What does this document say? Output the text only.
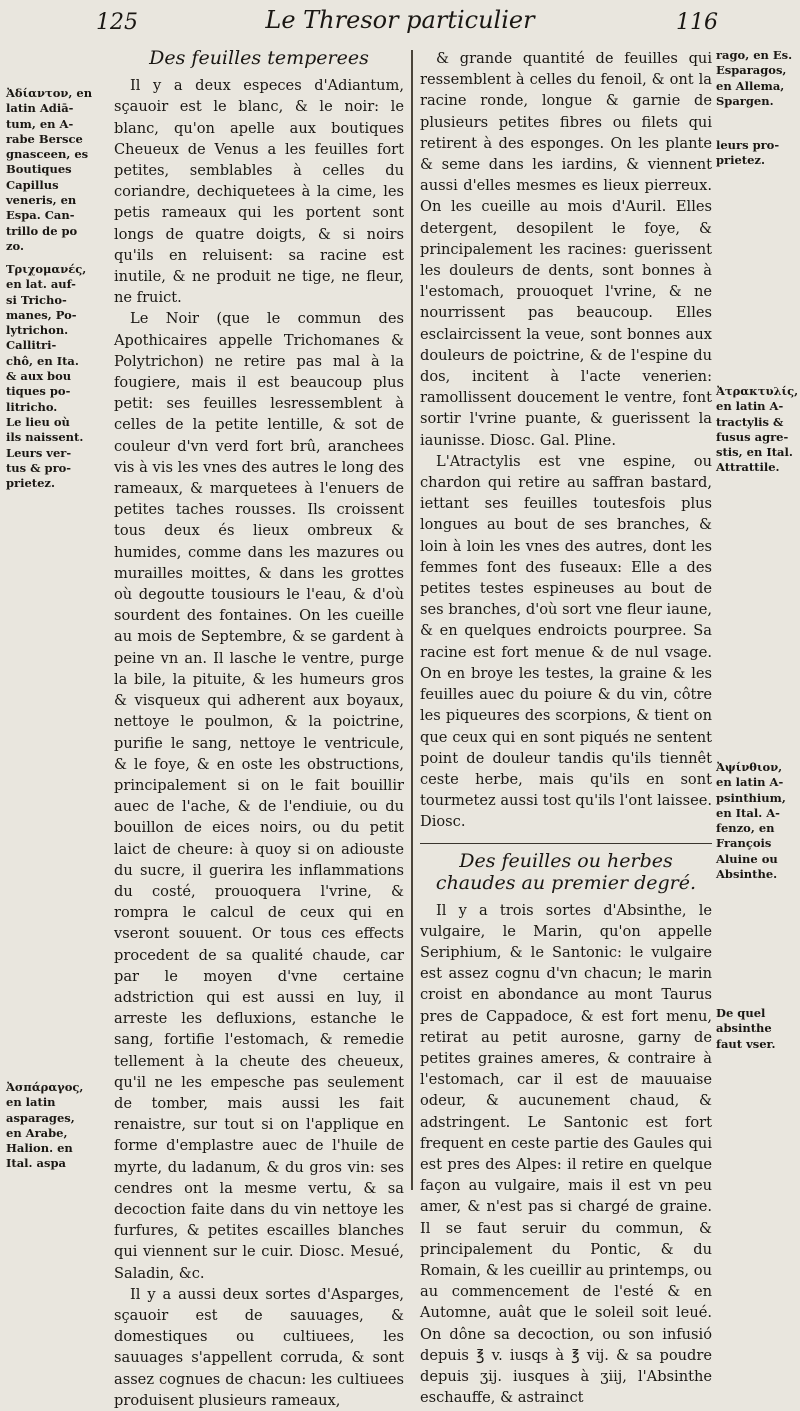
125	Le Thresor particulier	116
Ἀδίαντον, en
latin Adiā-
tum, en A-
rabe Bersce
gnasceen, es
Boutiques
Capillus
veneris, en
Espa. Can-
trillo de po
zo.
Τριχομανές,
en lat. auf-
si Tricho-
manes, Po-
lytrichon.
Callitri-
chô, en Ita.
& aux bou
tiques po-
litricho.
Le lieu où
ils naissent.
Leurs ver-
tus & pro-
prietez.
Ἀσπάραγος,
en latin
asparages,
en Arabe,
Halion. en
Ital. aspa
Des feuilles temperees

Il y a deux especes d'Adiantum, sçauoir est le blanc, & le noir: le blanc, qu'on apelle aux boutiques Cheueux de Venus a les feuilles fort petites, semblables à celles du coriandre, dechiquetees à la cime, les petis rameaux qui les portent sont longs de quatre doigts, & si noirs qu'ils en reluisent: sa racine est inutile, & ne produit ne tige, ne fleur, ne fruict.

Le Noir (que le commun des Apothicaires appelle Trichomanes & Polytrichon) ne retire pas mal à la fougiere, mais il est beaucoup plus petit: ses feuilles lesressemblent à celles de la petite lentille, & sot de couleur d'vn verd fort brû, aranchees vis à vis les vnes des autres le long des rameaux, & marquetees à l'enuers de petites taches rousses. Ils croissent tous deux és lieux ombreux & humides, comme dans les mazures ou murailles moittes, & dans les grottes où degoutte tousiours le l'eau, & d'où sourdent des fontaines. On les cueille au mois de Septembre, & se gardent à peine vn an. Il lasche le ventre, purge la bile, la pituite, & les humeurs gros & visqueux qui adherent aux boyaux, nettoye le poulmon, & la poictrine, purifie le sang, nettoye le ventricule, & le foye, & en oste les obstructions, principalement si on le fait bouillir auec de l'ache, & de l'endiuie, ou du bouillon de eices noirs, ou du petit laict de cheure: à quoy si on adiouste du sucre, il guerira les inflammations du costé, prouoquera l'vrine, & rompra le calcul de ceux qui en vseront souuent. Or tous ces effects procedent de sa qualité chaude, car par le moyen d'vne certaine adstriction qui est aussi en luy, il arreste les defluxions, estanche le sang, fortifie l'estomach, & remedie tellement à la cheute des cheueux, qu'il ne les empesche pas seulement de tomber, mais aussi les fait renaistre, sur tout si on l'applique en forme d'emplastre auec de l'huile de myrte, du ladanum, & du gros vin: ses cendres ont la mesme vertu, & sa decoction faite dans du vin nettoye les furfures, & petites escailles blanches qui viennent sur le cuir. Diosc. Mesué, Saladin, &c.

Il y a aussi deux sortes d'Asparges, sçauoir est de sauuages, & domestiques ou cultiuees, les sauuages s'appellent corruda, & sont assez cognues de chacun: les cultiuees produisent plusieurs rameaux,

& grande quantité de feuilles qui ressemblent à celles du fenoil, & ont la racine ronde, longue & garnie de plusieurs petites fibres ou filets qui retirent à des esponges. On les plante & seme dans les iardins, & viennent aussi d'elles mesmes es lieux pierreux. On les cueille au mois d'Auril. Elles detergent, desopilent le foye, & principalement les racines: guerissent les douleurs de dents, sont bonnes à l'estomach, prouoquet l'vrine, & ne nourrissent pas beaucoup. Elles esclaircissent la veue, sont bonnes aux douleurs de poictrine, & de l'espine du dos, incitent à l'acte venerien: ramollissent doucement le ventre, font sortir l'vrine puante, & guerissent la iaunisse. Diosc. Gal. Pline.

L'Atractylis est vne espine, ou chardon qui retire au saffran bastard, iettant ses feuilles toutesfois plus longues au bout de ses branches, & loin à loin les vnes des autres, dont les femmes font des fuseaux: Elle a des petites testes espineuses au bout de ses branches, d'où sort vne fleur iaune, & en quelques endroicts pourpree. Sa racine est fort menue & de nul vsage. On en broye les testes, la graine & les feuilles auec du poiure & du vin, côtre les piqueures des scorpions, & tient on que ceux qui en sont piqués ne sentent point de douleur tandis qu'ils tiennêt ceste herbe, mais qu'ils en sont tourmetez aussi tost qu'ils l'ont laissee. Diosc.

Des feuilles ou herbes chaudes au premier degré.

Il y a trois sortes d'Absinthe, le vulgaire, le Marin, qu'on appelle Seriphium, & le Santonic: le vulgaire est assez cognu d'vn chacun; le marin croist en abondance au mont Taurus pres de Cappadoce, & est fort menu, retirat au petit aurosne, garny de petites graines ameres, & contraire à l'estomach, car il est de mauuaise odeur, & aucunement chaud, & adstringent. Le Santonic est fort frequent en ceste partie des Gaules qui est pres des Alpes: il retire en quelque façon au vulgaire, mais il est vn peu amer, & n'est pas si chargé de graine. Il se faut seruir du commun, & principalement du Pontic, & du Romain, & les cueillir au printemps, ou au commencement de l'esté & en Automne, auât que le soleil soit leué. On dône sa decoction, ou son infusió depuis ℥ v. iusqs à ℥ vij. & sa poudre depuis ʒij. iusques à ʒiij, l'Absinthe eschauffe, & astrainct

rago, en Es.
Esparagos,
en Allema,
Spargen.
leurs pro-
prietez.
Ἀτρακτυλίς,
en latin A-
tractylis &
fusus agre-
stis, en Ital.
Attrattile.
Ἀψίνθιον,
en latin A-
psinthium,
en Ital. A-
fenzo, en
François
Aluine ou
Absinthe.
De quel
absinthe
faut vser.
